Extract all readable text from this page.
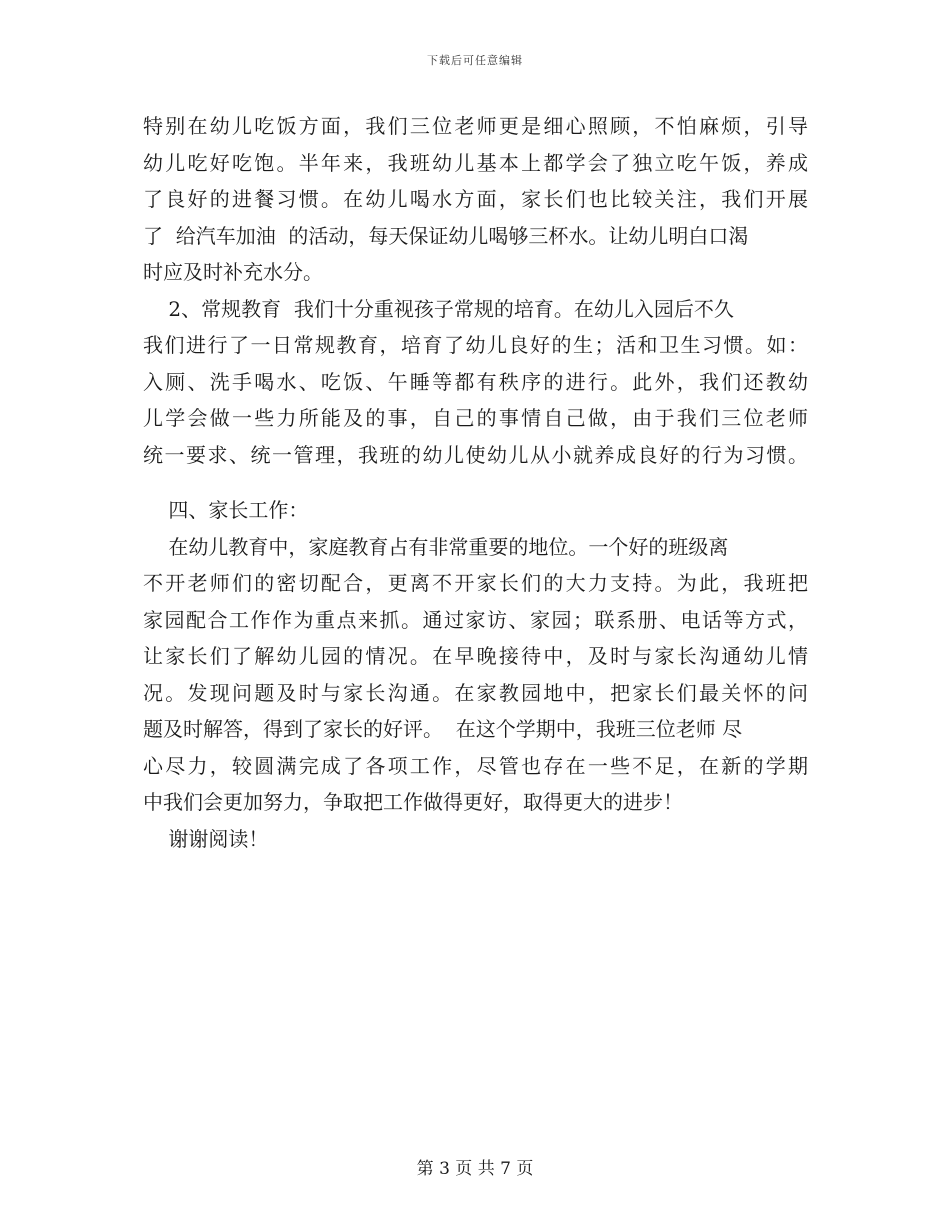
下载后可任意编辑
特别在幼儿吃饭方面，我们三位老师更是细心照顾，不怕麻烦，引导
幼儿吃好吃饱。半年来，我班幼儿基本上都学会了独立吃午饭，养成
了良好的进餐习惯。在幼儿喝水方面，家长们也比较关注，我们开展
了  给汽车加油  的活动，每天保证幼儿喝够三杯水。让幼儿明白口渴
时应及时补充水分。
2、常规教育  我们十分重视孩子常规的培育。在幼儿入园后不久
我们进行了一日常规教育，培育了幼儿良好的生；活和卫生习惯。如：
入厕、洗手喝水、吃饭、午睡等都有秩序的进行。此外，我们还教幼
儿学会做一些力所能及的事，自己的事情自己做，由于我们三位老师
统一要求、统一管理，我班的幼儿使幼儿从小就养成良好的行为习惯。
四、家长工作：
在幼儿教育中，家庭教育占有非常重要的地位。一个好的班级离
不开老师们的密切配合，更离不开家长们的大力支持。为此，我班把
家园配合工作作为重点来抓。通过家访、家园；联系册、电话等方式，
让家长们了解幼儿园的情况。在早晚接待中，及时与家长沟通幼儿情
况。发现问题及时与家长沟通。在家教园地中，把家长们最关怀的问
题及时解答，得到了家长的好评。  在这个学期中，我班三位老师 尽
心尽力，较圆满完成了各项工作，尽管也存在一些不足，在新的学期
中我们会更加努力，争取把工作做得更好，取得更大的进步！
谢谢阅读！
第 3 页 共 7 页
